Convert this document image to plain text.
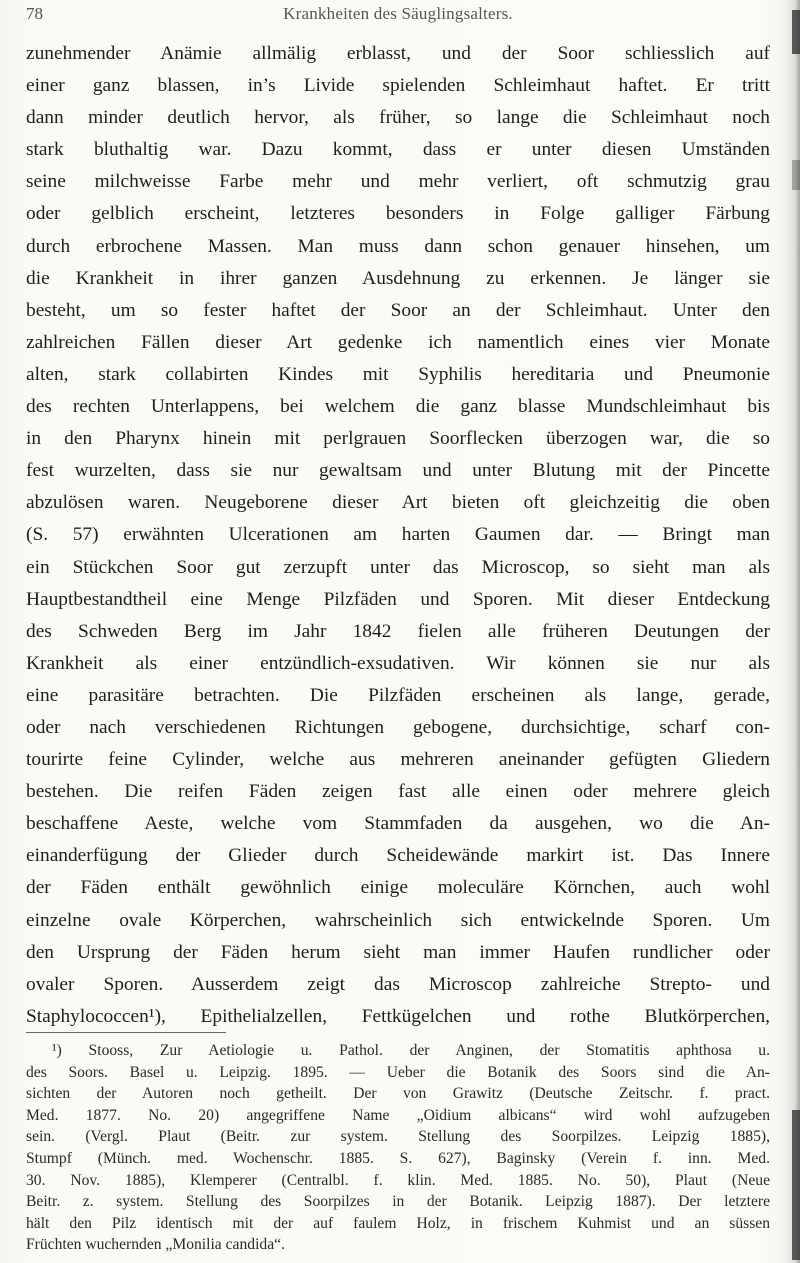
78	Krankheiten des Säuglingsalters.
zunehmender Anämie allmälig erblasst, und der Soor schliesslich auf
einer ganz blassen, in’s Livide spielenden Schleimhaut haftet. Er tritt
dann minder deutlich hervor, als früher, so lange die Schleimhaut noch
stark bluthaltig war. Dazu kommt, dass er unter diesen Umständen
seine milchweisse Farbe mehr und mehr verliert, oft schmutzig grau
oder gelblich erscheint, letzteres besonders in Folge galliger Färbung
durch erbrochene Massen. Man muss dann schon genauer hinsehen, um
die Krankheit in ihrer ganzen Ausdehnung zu erkennen. Je länger sie
besteht, um so fester haftet der Soor an der Schleimhaut. Unter den
zahlreichen Fällen dieser Art gedenke ich namentlich eines vier Monate
alten, stark collabirten Kindes mit Syphilis hereditaria und Pneumonie
des rechten Unterlappens, bei welchem die ganz blasse Mundschleimhaut bis
in den Pharynx hinein mit perlgrauen Soorflecken überzogen war, die so
fest wurzelten, dass sie nur gewaltsam und unter Blutung mit der Pincette
abzulösen waren. Neugeborene dieser Art bieten oft gleichzeitig die oben
(S. 57) erwähnten Ulcerationen am harten Gaumen dar. — Bringt man
ein Stückchen Soor gut zerzupft unter das Microscop, so sieht man als
Hauptbestandtheil eine Menge Pilzfäden und Sporen. Mit dieser Entdeckung
des Schweden Berg im Jahr 1842 fielen alle früheren Deutungen der
Krankheit als einer entzündlich-exsudativen. Wir können sie nur als
eine parasitäre betrachten. Die Pilzfäden erscheinen als lange, gerade,
oder nach verschiedenen Richtungen gebogene, durchsichtige, scharf con-
tourirte feine Cylinder, welche aus mehreren aneinander gefügten Gliedern
bestehen. Die reifen Fäden zeigen fast alle einen oder mehrere gleich
beschaffene Aeste, welche vom Stammfaden da ausgehen, wo die An-
einanderfügung der Glieder durch Scheidewände markirt ist. Das Innere
der Fäden enthält gewöhnlich einige moleculäre Körnchen, auch wohl
einzelne ovale Körperchen, wahrscheinlich sich entwickelnde Sporen. Um
den Ursprung der Fäden herum sieht man immer Haufen rundlicher oder
ovaler Sporen. Ausserdem zeigt das Microscop zahlreiche Strepto- und
Staphylococcen¹), Epithelialzellen, Fettkügelchen und rothe Blutkörperchen,
¹) Stooss, Zur Aetiologie u. Pathol. der Anginen, der Stomatitis aphthosa u.
des Soors. Basel u. Leipzig. 1895. — Ueber die Botanik des Soors sind die An-
sichten der Autoren noch getheilt. Der von Grawitz (Deutsche Zeitschr. f. pract.
Med. 1877. No. 20) angegriffene Name „Oidium albicans“ wird wohl aufzugeben
sein. (Vergl. Plaut (Beitr. zur system. Stellung des Soorpilzes. Leipzig 1885),
Stumpf (Münch. med. Wochenschr. 1885. S. 627), Baginsky (Verein f. inn. Med.
30. Nov. 1885), Klemperer (Centralbl. f. klin. Med. 1885. No. 50), Plaut (Neue
Beitr. z. system. Stellung des Soorpilzes in der Botanik. Leipzig 1887). Der letztere
hält den Pilz identisch mit der auf faulem Holz, in frischem Kuhmist und an süssen
Früchten wuchernden „Monilia candida“.
